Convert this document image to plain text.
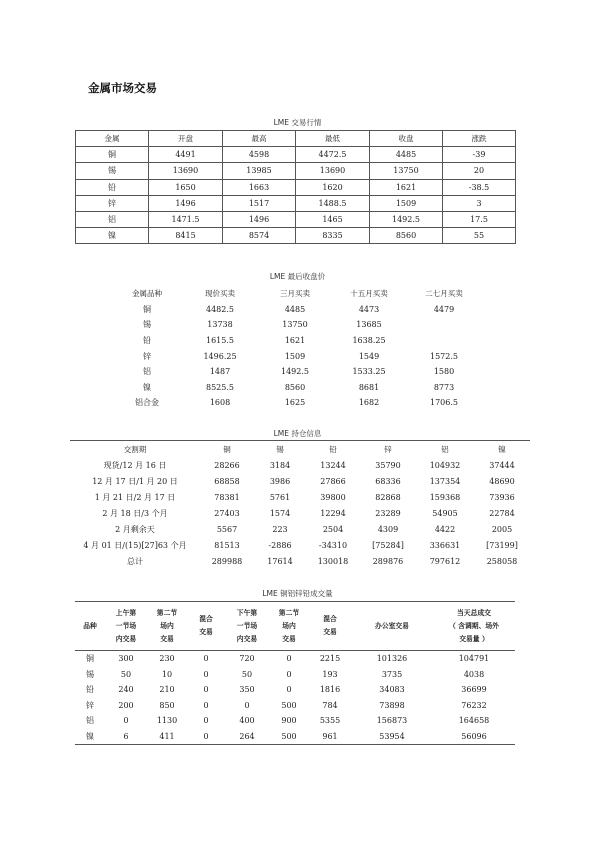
金属市场交易
LME 交易行情
金属	开盘	最高	最低	收盘	涨跌
铜	4491	4598	4472.5	4485	-39
锡	13690	13985	13690	13750	20
铅	1650	1663	1620	1621	-38.5
锌	1496	1517	1488.5	1509	3
铝	1471.5	1496	1465	1492.5	17.5
镍	8415	8574	8335	8560	55
LME 最后收盘价
金属品种	现价买卖	三月买卖	十五月买卖	二七月买卖
铜	4482.5	4485	4473	4479
锡	13738	13750	13685	
铅	1615.5	1621	1638.25	
锌	1496.25	1509	1549	1572.5
铝	1487	1492.5	1533.25	1580
镍	8525.5	8560	8681	8773
铝合金	1608	1625	1682	1706.5
LME 持仓信息
交割期	铜	锡	铅	锌	铝	镍
现货/12 月 16 日	28266	3184	13244	35790	104932	37444
12 月 17 日/1 月 20 日	68858	3986	27866	68336	137354	48690
1 月 21 日/2 月 17 日	78381	5761	39800	82868	159368	73936
2 月 18 日/3 个月	27403	1574	12294	23289	54905	22784
2 月剩余天	5567	223	2504	4309	4422	2005
4 月 01 日/(15)[27]63 个月	81513	-2886	-34310	[75284]	336631	[73199]
总计	289988	17614	130018	289876	797612	258058
LME 铜铝锌铅成交量
品种	上午第
一节场
内交易	第二节
场内
交易	混合
交易	下午第
一节场
内交易	第二节
场内
交易	混合
交易	办公室交易	当天总成交
（ 含调期、场外
交易量 ）
铜	300	230	0	720	0	2215	101326	104791
锡	50	10	0	50	0	193	3735	4038
铅	240	210	0	350	0	1816	34083	36699
锌	200	850	0	0	500	784	73898	76232
铝	0	1130	0	400	900	5355	156873	164658
镍	6	411	0	264	500	961	53954	56096
